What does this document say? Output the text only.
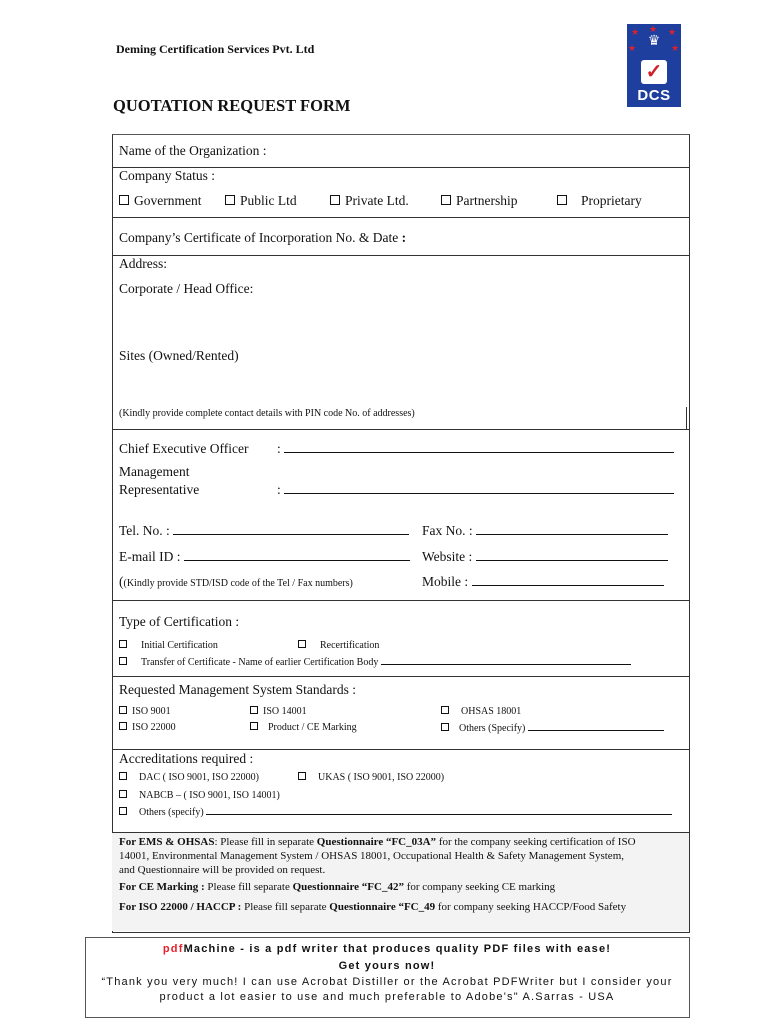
Deming Certification Services Pvt. Ltd
QUOTATION REQUEST FORM
★	★
★	★
★
♛
✓
DCS
Name of the Organization :
Company Status :
Government	Public Ltd	Private Ltd.	Partnership	Proprietary
Company’s Certificate of Incorporation No. & Date :
Address:
Corporate / Head Office:
Sites (Owned/Rented)
(Kindly provide complete contact details with PIN code No. of addresses)
Chief Executive Officer :
Management
Representative	:
Tel. No. :	Fax No. :
E-mail ID :	Website :
((Kindly provide STD/ISD code of the Tel / Fax numbers)	Mobile :
Type of Certification :
Initial Certification	Recertification
Transfer of Certificate - Name of earlier Certification Body
Requested Management System Standards :
ISO 9001	ISO 14001	OHSAS 18001
ISO 22000	Product / CE Marking	Others (Specify)
Accreditations required :
DAC ( ISO 9001, ISO 22000)	UKAS ( ISO 9001, ISO 22000)
NABCB – ( ISO 9001, ISO 14001)
Others (specify)
For EMS & OHSAS: Please fill in separate Questionnaire “FC_03A” for the company seeking certification of ISO
14001, Environmental Management System / OHSAS 18001, Occupational Health & Safety Management System,
and Questionnaire will be provided on request.
For CE Marking : Please fill separate Questionnaire “FC_42” for company seeking CE marking
For ISO 22000 / HACCP : Please fill separate Questionnaire “FC_49 for company seeking HACCP/Food Safety
pdfMachine - is a pdf writer that produces quality PDF files with ease!
Get yours now!
“Thank you very much! I can use Acrobat Distiller or the Acrobat PDFWriter but I consider your
product a lot easier to use and much preferable to Adobe's" A.Sarras - USA
